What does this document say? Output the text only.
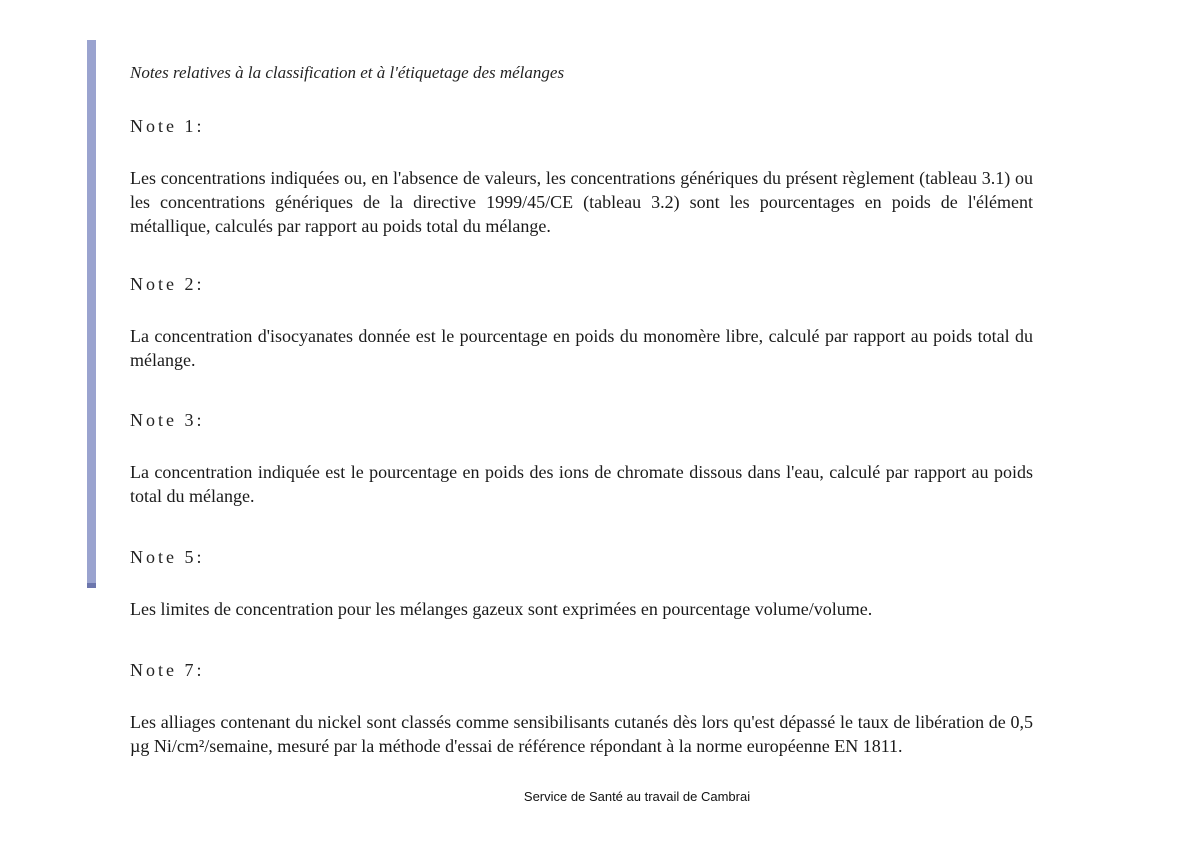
Notes relatives à la classification et à l'étiquetage des mélanges

Note 1:

Les concentrations indiquées ou, en l'absence de valeurs, les concentrations génériques du présent règlement (tableau 3.1) ou les concentrations génériques de la directive 1999/45/CE (tableau 3.2) sont les pourcentages en poids de l'élément métallique, calculés par rapport au poids total du mélange.

Note 2:

La concentration d'isocyanates donnée est le pourcentage en poids du monomère libre, calculé par rapport au poids total du mélange.

Note 3:

La concentration indiquée est le pourcentage en poids des ions de chromate dissous dans l'eau, calculé par rapport au poids total du mélange.

Note 5:

Les limites de concentration pour les mélanges gazeux sont exprimées en pourcentage volume/volume.

Note 7:

Les alliages contenant du nickel sont classés comme sensibilisants cutanés dès lors qu'est dépassé le taux de libération de 0,5 µg Ni/cm²/semaine, mesuré par la méthode d'essai de référence répondant à la norme européenne EN 1811.

Service de Santé au travail de Cambrai
